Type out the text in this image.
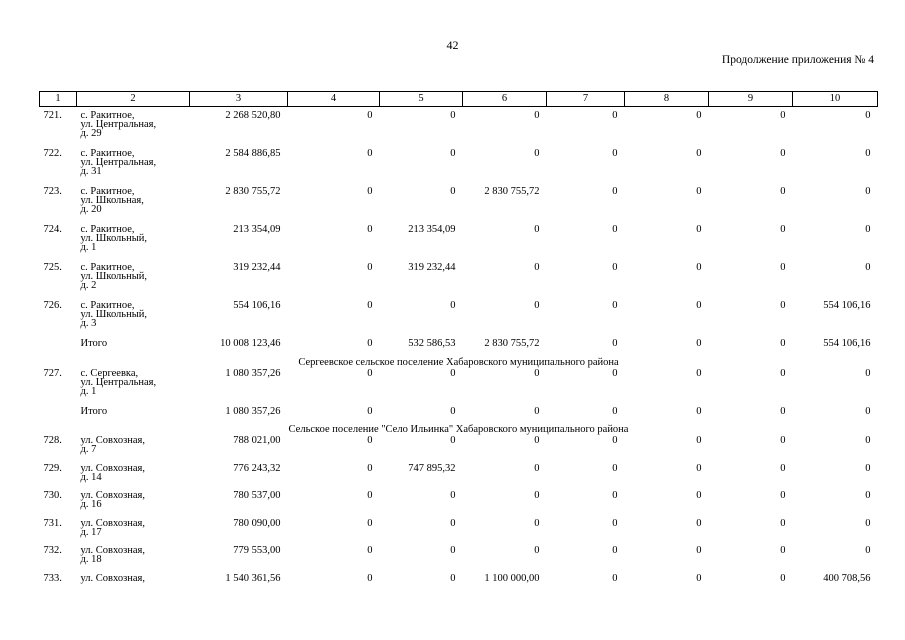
42
Продолжение приложения № 4
1	2	3	4	5	6	7	8	9	10
721.	с. Ракитное,
ул. Центральная,
д. 29	2 268 520,80	0	0	0	0	0	0	0
722.	с. Ракитное,
ул. Центральная,
д. 31	2 584 886,85	0	0	0	0	0	0	0
723.	с. Ракитное,
ул. Школьная,
д. 20	2 830 755,72	0	0	2 830 755,72	0	0	0	0
724.	с. Ракитное,
ул. Школьный,
д. 1	213 354,09	0	213 354,09	0	0	0	0	0
725.	с. Ракитное,
ул. Школьный,
д. 2	319 232,44	0	319 232,44	0	0	0	0	0
726.	с. Ракитное,
ул. Школьный,
д. 3	554 106,16	0	0	0	0	0	0	554 106,16
	Итого	10 008 123,46	0	532 586,53	2 830 755,72	0	0	0	554 106,16
Сергеевское сельское поселение Хабаровского муниципального района									
727.	с. Сергеевка,
ул. Центральная,
д. 1	1 080 357,26	0	0	0	0	0	0	0
	Итого	1 080 357,26	0	0	0	0	0	0	0
Сельское поселение "Село Ильинка" Хабаровского муниципального района									
728.	ул. Совхозная,
д. 7	788 021,00	0	0	0	0	0	0	0
729.	ул. Совхозная,
д. 14	776 243,32	0	747 895,32	0	0	0	0	0
730.	ул. Совхозная,
д. 16	780 537,00	0	0	0	0	0	0	0
731.	ул. Совхозная,
д. 17	780 090,00	0	0	0	0	0	0	0
732.	ул. Совхозная,
д. 18	779 553,00	0	0	0	0	0	0	0
733.	ул. Совхозная,	1 540 361,56	0	0	1 100 000,00	0	0	0	400 708,56
